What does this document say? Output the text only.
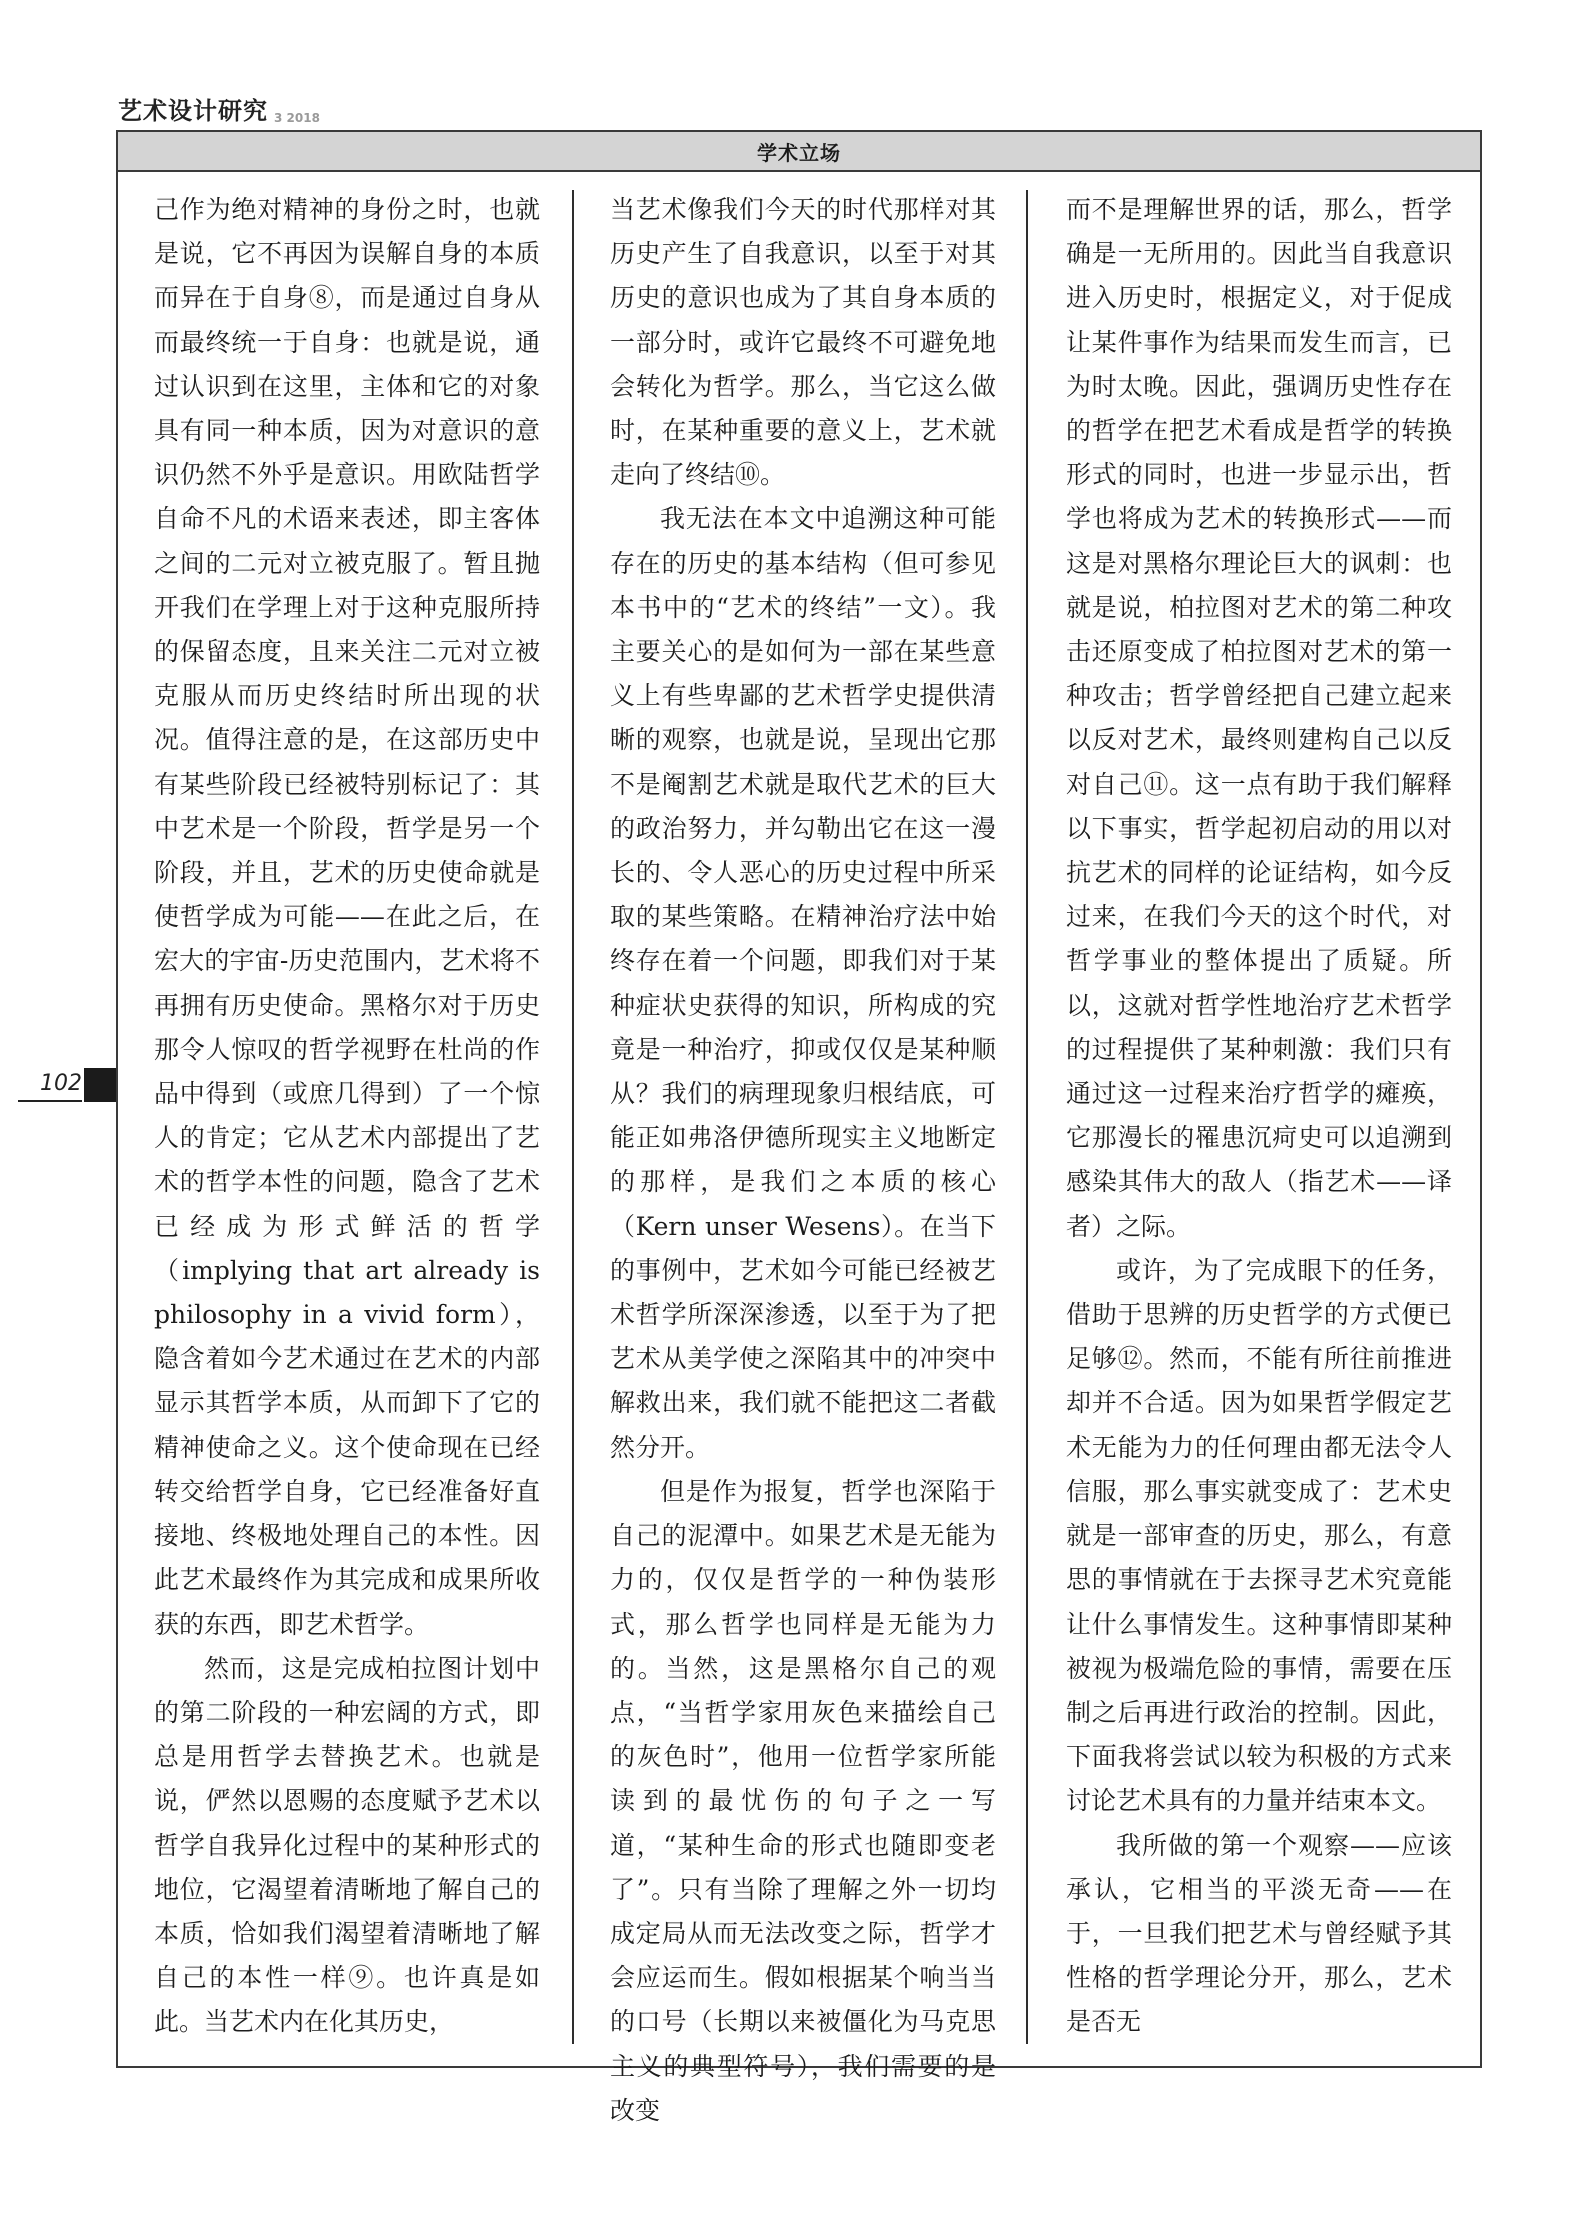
艺术设计研究 3 2018
102
学术立场

己作为绝对精神的身份之时，也就是说，它不再因为误解自身的本质而异在于自身⑧，而是通过自身从而最终统一于自身：也就是说，通过认识到在这里，主体和它的对象具有同一种本质，因为对意识的意识仍然不外乎是意识。用欧陆哲学自命不凡的术语来表述，即主客体之间的二元对立被克服了。暂且抛开我们在学理上对于这种克服所持的保留态度，且来关注二元对立被克服从而历史终结时所出现的状况。值得注意的是，在这部历史中有某些阶段已经被特别标记了：其中艺术是一个阶段，哲学是另一个阶段，并且，艺术的历史使命就是使哲学成为可能——在此之后，在宏大的宇宙-历史范围内，艺术将不再拥有历史使命。黑格尔对于历史那令人惊叹的哲学视野在杜尚的作品中得到（或庶几得到）了一个惊人的肯定；它从艺术内部提出了艺术的哲学本性的问题，隐含了艺术已经成为形式鲜活的哲学（implying that art already is philosophy in a vivid form），隐含着如今艺术通过在艺术的内部显示其哲学本质，从而卸下了它的精神使命之义。这个使命现在已经转交给哲学自身，它已经准备好直接地、终极地处理自己的本性。因此艺术最终作为其完成和成果所收获的东西，即艺术哲学。

然而，这是完成柏拉图计划中的第二阶段的一种宏阔的方式，即总是用哲学去替换艺术。也就是说，俨然以恩赐的态度赋予艺术以哲学自我异化过程中的某种形式的地位，它渴望着清晰地了解自己的本质，恰如我们渴望着清晰地了解自己的本性一样⑨。也许真是如此。当艺术内在化其历史，

当艺术像我们今天的时代那样对其历史产生了自我意识，以至于对其历史的意识也成为了其自身本质的一部分时，或许它最终不可避免地会转化为哲学。那么，当它这么做时，在某种重要的意义上，艺术就走向了终结⑩。

我无法在本文中追溯这种可能存在的历史的基本结构（但可参见本书中的“艺术的终结”一文）。我主要关心的是如何为一部在某些意义上有些卑鄙的艺术哲学史提供清晰的观察，也就是说，呈现出它那不是阉割艺术就是取代艺术的巨大的政治努力，并勾勒出它在这一漫长的、令人恶心的历史过程中所采取的某些策略。在精神治疗法中始终存在着一个问题，即我们对于某种症状史获得的知识，所构成的究竟是一种治疗，抑或仅仅是某种顺从？我们的病理现象归根结底，可能正如弗洛伊德所现实主义地断定的那样，是我们之本质的核心（Kern unser Wesens）。在当下的事例中，艺术如今可能已经被艺术哲学所深深渗透，以至于为了把艺术从美学使之深陷其中的冲突中解救出来，我们就不能把这二者截然分开。

但是作为报复，哲学也深陷于自己的泥潭中。如果艺术是无能为力的，仅仅是哲学的一种伪装形式，那么哲学也同样是无能为力的。当然，这是黑格尔自己的观点，“当哲学家用灰色来描绘自己的灰色时”，他用一位哲学家所能读到的最忧伤的句子之一写道，“某种生命的形式也随即变老了”。只有当除了理解之外一切均成定局从而无法改变之际，哲学才会应运而生。假如根据某个响当当的口号（长期以来被僵化为马克思主义的典型符号），我们需要的是改变

而不是理解世界的话，那么，哲学确是一无所用的。因此当自我意识进入历史时，根据定义，对于促成让某件事作为结果而发生而言，已为时太晚。因此，强调历史性存在的哲学在把艺术看成是哲学的转换形式的同时，也进一步显示出，哲学也将成为艺术的转换形式——而这是对黑格尔理论巨大的讽刺：也就是说，柏拉图对艺术的第二种攻击还原变成了柏拉图对艺术的第一种攻击；哲学曾经把自己建立起来以反对艺术，最终则建构自己以反对自己⑪。这一点有助于我们解释以下事实，哲学起初启动的用以对抗艺术的同样的论证结构，如今反过来，在我们今天的这个时代，对哲学事业的整体提出了质疑。所以，这就对哲学性地治疗艺术哲学的过程提供了某种刺激：我们只有通过这一过程来治疗哲学的瘫痪，它那漫长的罹患沉疴史可以追溯到感染其伟大的敌人（指艺术——译者）之际。

或许，为了完成眼下的任务，借助于思辨的历史哲学的方式便已足够⑫。然而，不能有所往前推进却并不合适。因为如果哲学假定艺术无能为力的任何理由都无法令人信服，那么事实就变成了：艺术史就是一部审查的历史，那么，有意思的事情就在于去探寻艺术究竟能让什么事情发生。这种事情即某种被视为极端危险的事情，需要在压制之后再进行政治的控制。因此，下面我将尝试以较为积极的方式来讨论艺术具有的力量并结束本文。

我所做的第一个观察——应该承认，它相当的平淡无奇——在于，一旦我们把艺术与曾经赋予其性格的哲学理论分开，那么，艺术是否无
